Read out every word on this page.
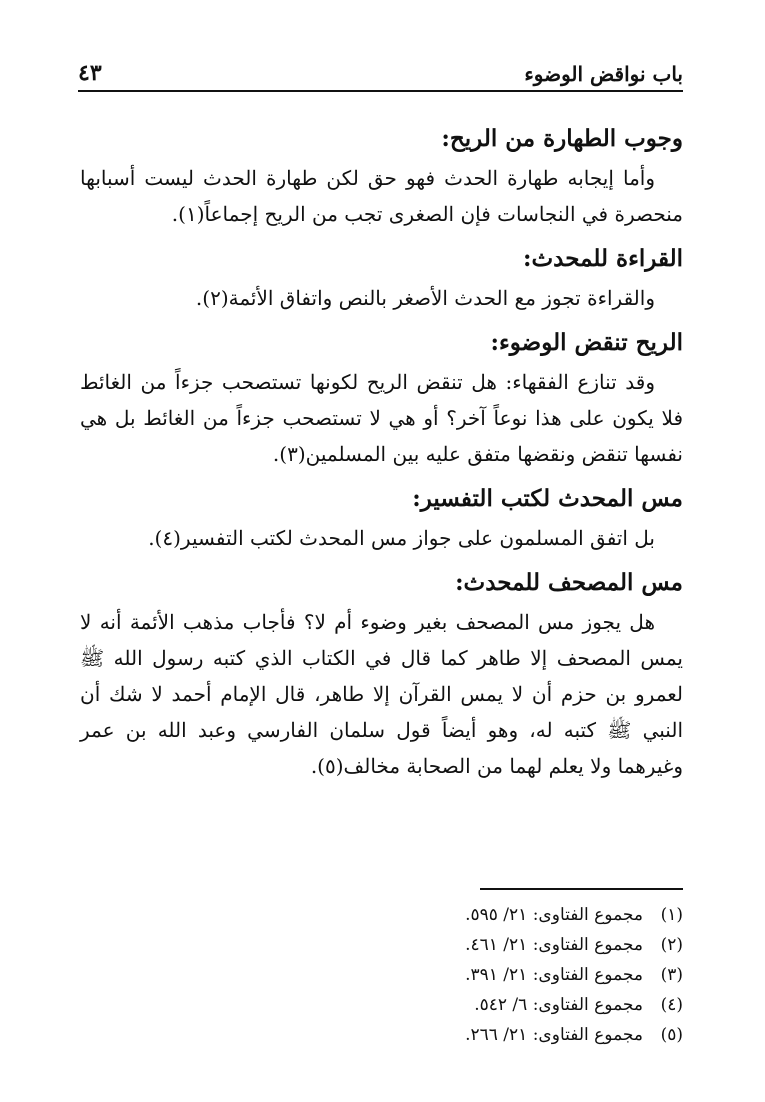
باب نواقض الوضوء
٤٣
وجوب الطهارة من الريح:

وأما إيجابه طهارة الحدث فهو حق لكن طهارة الحدث ليست أسبابها منحصرة في النجاسات فإن الصغرى تجب من الريح إجماعاً(١).

القراءة للمحدث:

والقراءة تجوز مع الحدث الأصغر بالنص واتفاق الأئمة(٢).

الريح تنقض الوضوء:

وقد تنازع الفقهاء: هل تنقض الريح لكونها تستصحب جزءاً من الغائط فلا يكون على هذا نوعاً آخر؟ أو هي لا تستصحب جزءاً من الغائط بل هي نفسها تنقض ونقضها متفق عليه بين المسلمين(٣).

مس المحدث لكتب التفسير:

بل اتفق المسلمون على جواز مس المحدث لكتب التفسير(٤).

مس المصحف للمحدث:

هل يجوز مس المصحف بغير وضوء أم لا؟ فأجاب مذهب الأئمة أنه لا يمس المصحف إلا طاهر كما قال في الكتاب الذي كتبه رسول الله ﷺ لعمرو بن حزم أن لا يمس القرآن إلا طاهر، قال الإمام أحمد لا شك أن النبي ﷺ كتبه له، وهو أيضاً قول سلمان الفارسي وعبد الله بن عمر وغيرهما ولا يعلم لهما من الصحابة مخالف(٥).

(١)
مجموع الفتاوى: ٢١/ ٥٩٥.
(٢)
مجموع الفتاوى: ٢١/ ٤٦١.
(٣)
مجموع الفتاوى: ٢١/ ٣٩١.
(٤)
مجموع الفتاوى: ٦/ ٥٤٢.
(٥)
مجموع الفتاوى: ٢١/ ٢٦٦.
